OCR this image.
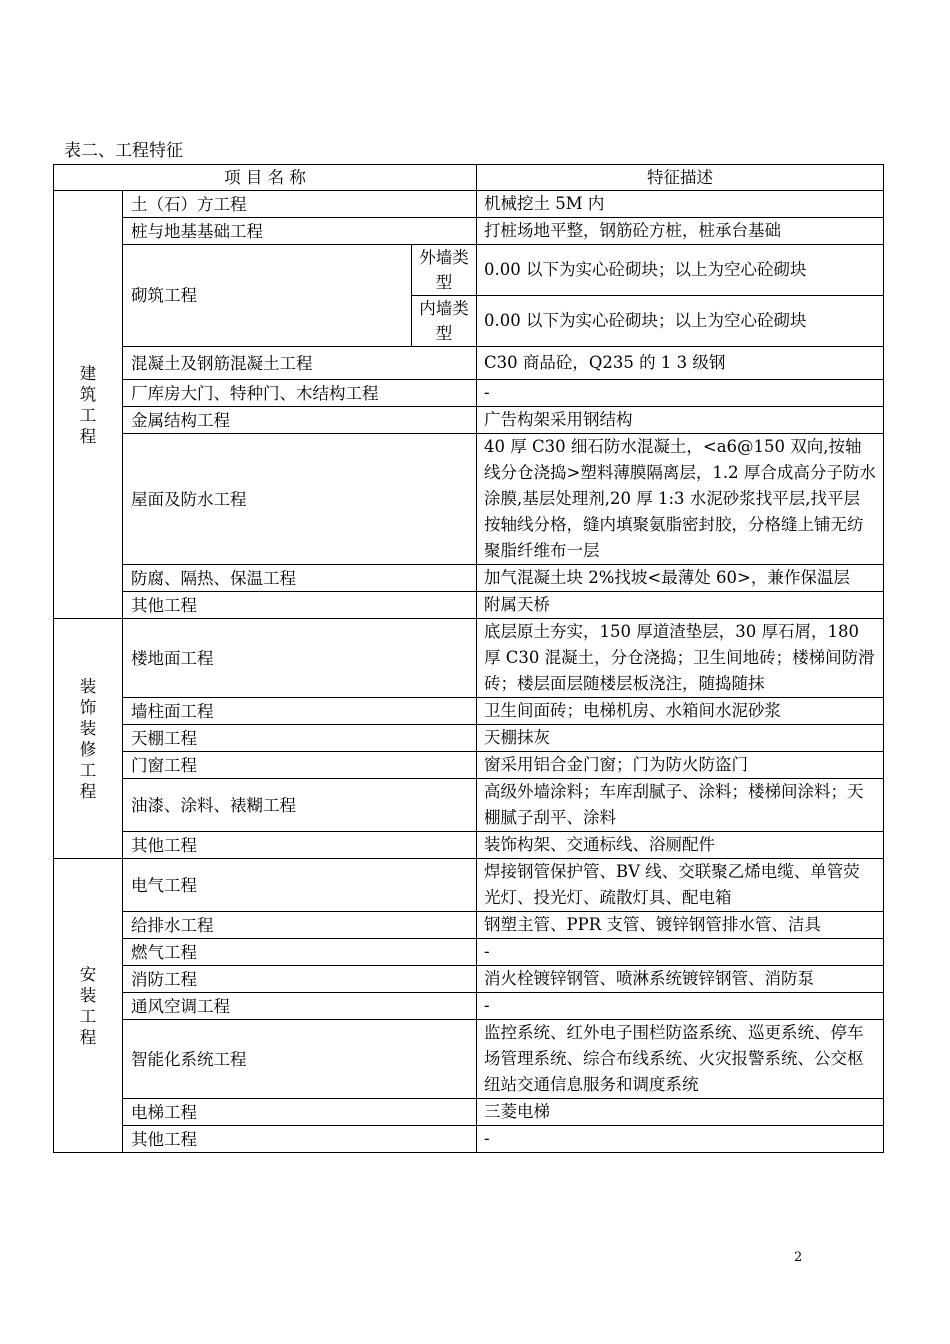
表二、工程特征
项 目 名 称			特征描述
建筑工程	土（石）方工程		机械挖土 5M 内
	桩与地基基础工程		打桩场地平整，钢筋砼方桩，桩承台基础
	砌筑工程	外墙类型	0.00 以下为实心砼砌块；以上为空心砼砌块
		内墙类型	0.00 以下为实心砼砌块；以上为空心砼砌块
	混凝土及钢筋混凝土工程		C30 商品砼，Q235 的 1 3 级钢
	厂库房大门、特种门、木结构工程		-
	金属结构工程		广告构架采用钢结构
	屋面及防水工程		40 厚 C30 细石防水混凝土，<a6@150 双向,按轴线分仓浇捣>塑料薄膜隔离层，1.2 厚合成高分子防水涂膜,基层处理剂,20 厚 1:3 水泥砂浆找平层,找平层按轴线分格，缝内填聚氨脂密封胶，分格缝上铺无纺聚脂纤维布一层
	防腐、隔热、保温工程		加气混凝土块 2%找坡<最薄处 60>，兼作保温层
	其他工程		附属天桥
装饰装修工程	楼地面工程		底层原土夯实，150 厚道渣垫层，30 厚石屑，180 厚 C30 混凝土，分仓浇捣；卫生间地砖；楼梯间防滑砖；楼层面层随楼层板浇注，随捣随抹
	墙柱面工程		卫生间面砖；电梯机房、水箱间水泥砂浆
	天棚工程		天棚抹灰
	门窗工程		窗采用铝合金门窗；门为防火防盗门
	油漆、涂料、裱糊工程		高级外墙涂料；车库刮腻子、涂料；楼梯间涂料；天棚腻子刮平、涂料
	其他工程		装饰构架、交通标线、浴厕配件
安装工程	电气工程		焊接钢管保护管、BV 线、交联聚乙烯电缆、单管荧光灯、投光灯、疏散灯具、配电箱
	给排水工程		钢塑主管、PPR 支管、镀锌钢管排水管、洁具
	燃气工程		-
	消防工程		消火栓镀锌钢管、喷淋系统镀锌钢管、消防泵
	通风空调工程		-
	智能化系统工程		监控系统、红外电子围栏防盗系统、巡更系统、停车场管理系统、综合布线系统、火灾报警系统、公交枢纽站交通信息服务和调度系统
	电梯工程		三菱电梯
	其他工程		-
2
